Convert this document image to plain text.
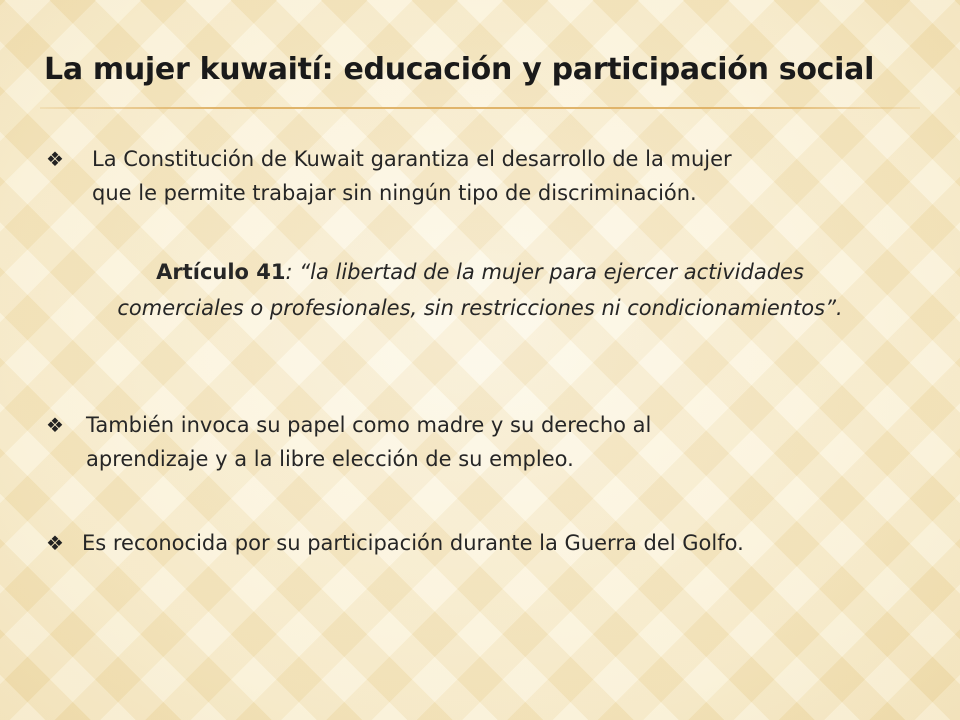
La mujer kuwaití: educación y participación social
❖ La Constitución de Kuwait garantiza el desarrollo de la mujer
que le permite trabajar sin ningún tipo de discriminación.
Artículo 41: “la libertad de la mujer para ejercer actividades
comerciales o profesionales, sin restricciones ni condicionamientos”.
❖ También invoca su papel como madre y su derecho al
aprendizaje y a la libre elección de su empleo.
❖ Es reconocida por su participación durante la Guerra del Golfo.
